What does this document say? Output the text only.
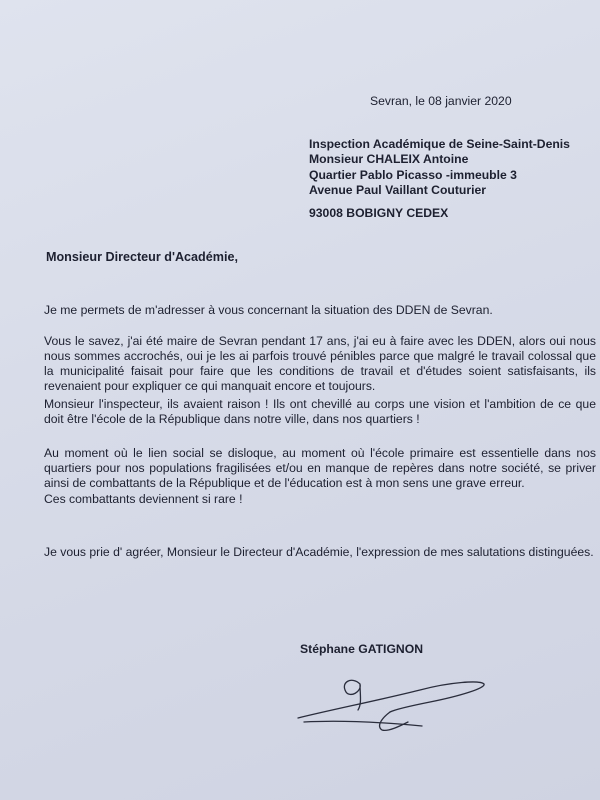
Sevran, le 08 janvier 2020
Inspection Académique de Seine-Saint-Denis
Monsieur CHALEIX Antoine
Quartier Pablo Picasso -immeuble 3
Avenue Paul Vaillant Couturier
93008 BOBIGNY CEDEX
Monsieur Directeur d'Académie,
Je me permets de m'adresser à vous concernant la situation des DDEN de Sevran.
Vous le savez, j'ai été maire de Sevran pendant 17 ans, j'ai eu à faire avec les DDEN, alors oui nous nous sommes accrochés, oui je les ai parfois trouvé pénibles parce que malgré le travail colossal que la municipalité faisait pour faire que les conditions de travail et d'études soient satisfaisants, ils revenaient pour expliquer ce qui manquait encore et toujours.
Monsieur l'inspecteur, ils avaient raison ! Ils ont chevillé au corps une vision et l'ambition de ce que doit être l'école de la République dans notre ville, dans nos quartiers !
Au moment où le lien social se disloque, au moment où l'école primaire est essentielle dans nos quartiers pour nos populations fragilisées et/ou en manque de repères dans notre société, se priver ainsi de combattants de la République et de l'éducation est à mon sens une grave erreur.
Ces combattants deviennent si rare !
Je vous prie d' agréer, Monsieur le Directeur d'Académie, l'expression de mes salutations distinguées.
Stéphane GATIGNON
